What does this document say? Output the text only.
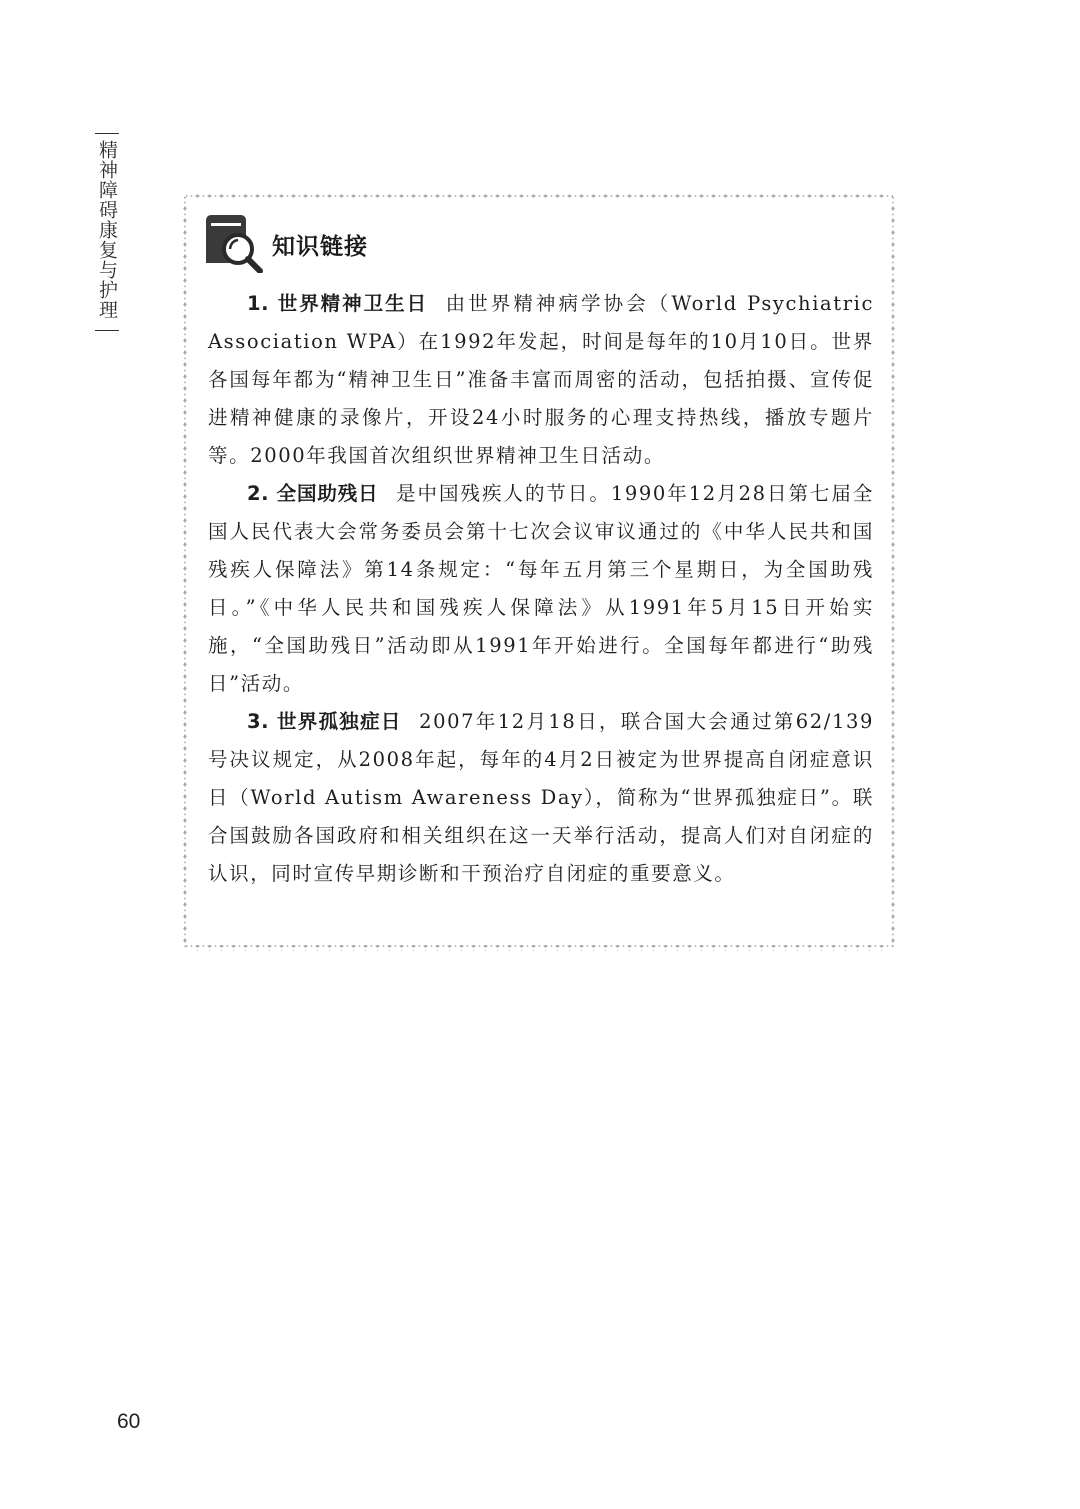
精神障碍康复与护理	知识链接

1. 世界精神卫生日 由世界精神病学协会（World Psychiatric Association WPA）在1992年发起，时间是每年的10月10日。世界各国每年都为“精神卫生日”准备丰富而周密的活动，包括拍摄、宣传促进精神健康的录像片，开设24小时服务的心理支持热线，播放专题片等。2000年我国首次组织世界精神卫生日活动。

2. 全国助残日 是中国残疾人的节日。1990年12月28日第七届全国人民代表大会常务委员会第十七次会议审议通过的《中华人民共和国残疾人保障法》第14条规定：“每年五月第三个星期日，为全国助残日。”《中华人民共和国残疾人保障法》从1991年5月15日开始实施，“全国助残日”活动即从1991年开始进行。全国每年都进行“助残日”活动。

3. 世界孤独症日 2007年12月18日，联合国大会通过第62/139号决议规定，从2008年起，每年的4月2日被定为世界提高自闭症意识日（World Autism Awareness Day），简称为“世界孤独症日”。联合国鼓励各国政府和相关组织在这一天举行活动，提高人们对自闭症的认识，同时宣传早期诊断和干预治疗自闭症的重要意义。

60
